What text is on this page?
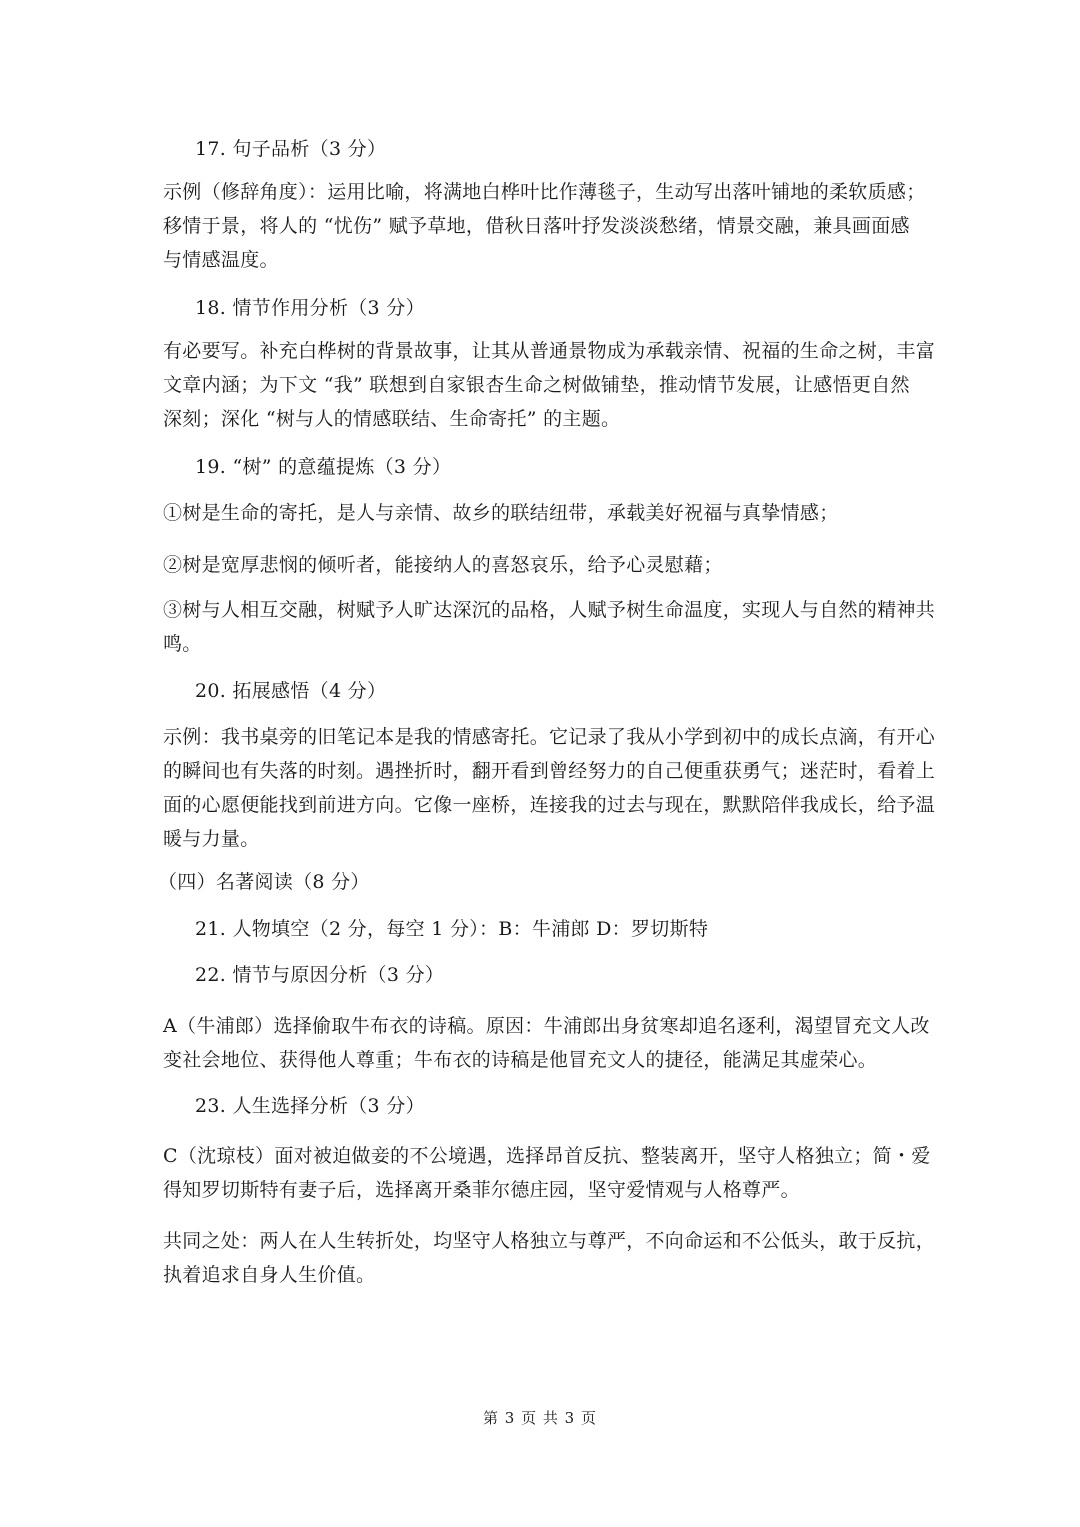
17. 句子品析（3 分）
示例（修辞角度）：运用比喻，将满地白桦叶比作薄毯子，生动写出落叶铺地的柔软质感；
移情于景，将人的 “忧伤” 赋予草地，借秋日落叶抒发淡淡愁绪，情景交融，兼具画面感
与情感温度。
18. 情节作用分析（3 分）
有必要写。补充白桦树的背景故事，让其从普通景物成为承载亲情、祝福的生命之树，丰富
文章内涵；为下文 “我” 联想到自家银杏生命之树做铺垫，推动情节发展，让感悟更自然
深刻；深化 “树与人的情感联结、生命寄托” 的主题。
19. “树” 的意蕴提炼（3 分）
①树是生命的寄托，是人与亲情、故乡的联结纽带，承载美好祝福与真挚情感；
②树是宽厚悲悯的倾听者，能接纳人的喜怒哀乐，给予心灵慰藉；
③树与人相互交融，树赋予人旷达深沉的品格，人赋予树生命温度，实现人与自然的精神共
鸣。
20. 拓展感悟（4 分）
示例：我书桌旁的旧笔记本是我的情感寄托。它记录了我从小学到初中的成长点滴，有开心
的瞬间也有失落的时刻。遇挫折时，翻开看到曾经努力的自己便重获勇气；迷茫时，看着上
面的心愿便能找到前进方向。它像一座桥，连接我的过去与现在，默默陪伴我成长，给予温
暖与力量。
（四）名著阅读（8 分）
21. 人物填空（2 分，每空 1 分）：B：牛浦郎 D：罗切斯特
22. 情节与原因分析（3 分）
A（牛浦郎）选择偷取牛布衣的诗稿。原因：牛浦郎出身贫寒却追名逐利，渴望冒充文人改
变社会地位、获得他人尊重；牛布衣的诗稿是他冒充文人的捷径，能满足其虚荣心。
23. 人生选择分析（3 分）
C（沈琼枝）面对被迫做妾的不公境遇，选择昂首反抗、整装离开，坚守人格独立；简・爱
得知罗切斯特有妻子后，选择离开桑菲尔德庄园，坚守爱情观与人格尊严。
共同之处：两人在人生转折处，均坚守人格独立与尊严，不向命运和不公低头，敢于反抗，
执着追求自身人生价值。
第 3 页 共 3 页
